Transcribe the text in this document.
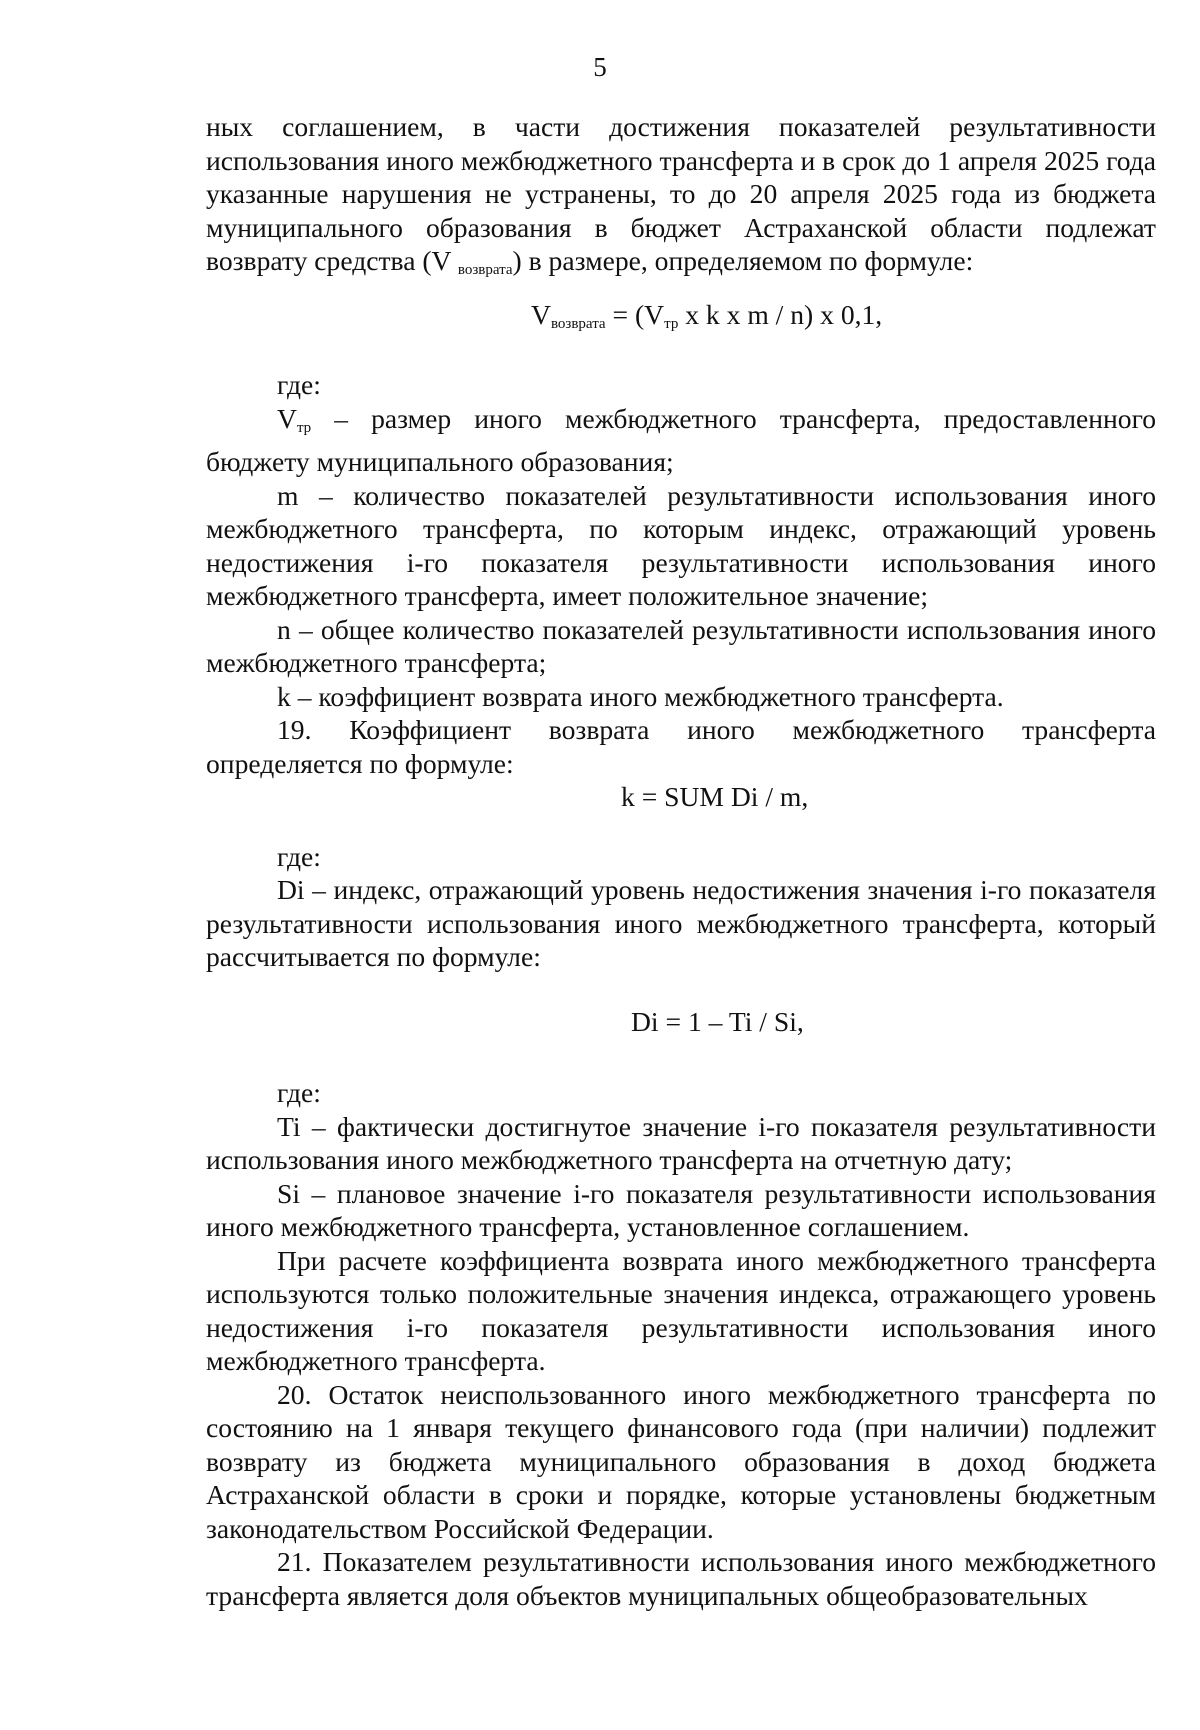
5

ных соглашением, в части достижения показателей результативности использования иного межбюджетного трансферта и в срок до 1 апреля 2025 года указанные нарушения не устранены, то до 20 апреля 2025 года из бюджета муниципального образования в бюджет Астраханской области подлежат возврату средства (V $_{возврата}$) в размере, определяемом по формуле:

$V_{возврата} = (V_{тр}$ x k x m / n) x 0,1,

где:

$V_{тр}$ – размер иного межбюджетного трансферта, предоставленного бюджету муниципального образования;

m – количество показателей результативности использования иного межбюджетного трансферта, по которым индекс, отражающий уровень недостижения i-го показателя результативности использования иного межбюджетного трансферта, имеет положительное значение;

n – общее количество показателей результативности использования иного межбюджетного трансферта;

k – коэффициент возврата иного межбюджетного трансферта.

19. Коэффициент возврата иного межбюджетного трансферта определяется по формуле:

k = SUM Di / m,

где:

Di – индекс, отражающий уровень недостижения значения i-го показателя результативности использования иного межбюджетного трансферта, который рассчитывается по формуле:

Di = 1 – Ti / Si,

где:

Ti – фактически достигнутое значение i-го показателя результативности использования иного межбюджетного трансферта на отчетную дату;

Si – плановое значение i-го показателя результативности использования иного межбюджетного трансферта, установленное соглашением.

При расчете коэффициента возврата иного межбюджетного трансферта используются только положительные значения индекса, отражающего уровень недостижения i-го показателя результативности использования иного межбюджетного трансферта.

20. Остаток неиспользованного иного межбюджетного трансферта по состоянию на 1 января текущего финансового года (при наличии) подлежит возврату из бюджета муниципального образования в доход бюджета Астраханской области в сроки и порядке, которые установлены бюджетным законодательством Российской Федерации.

21. Показателем результативности использования иного межбюджетного трансферта является доля объектов муниципальных общеобразовательных
